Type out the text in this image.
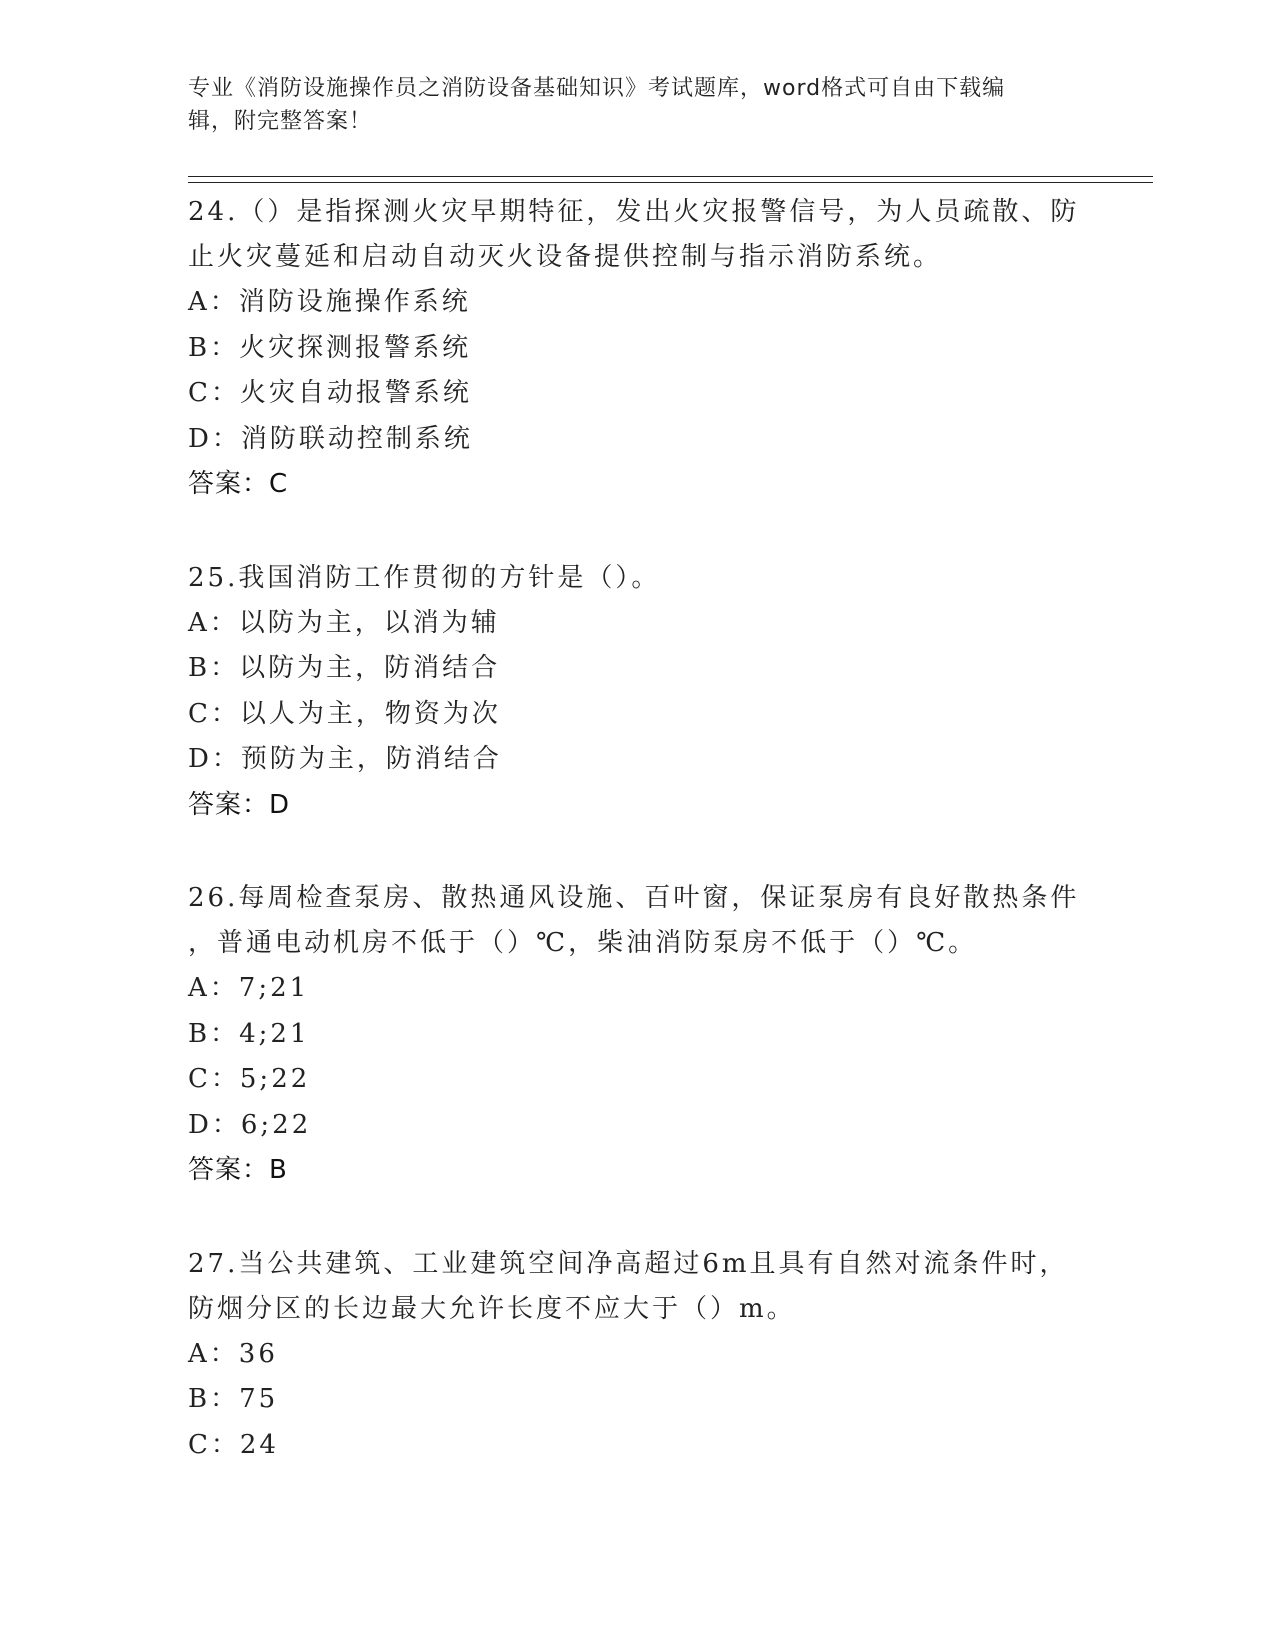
专业《消防设施操作员之消防设备基础知识》考试题库，word格式可自由下载编
辑，附完整答案！

24.（）是指探测火灾早期特征，发出火灾报警信号，为人员疏散、防
止火灾蔓延和启动自动灭火设备提供控制与指示消防系统。

A：消防设施操作系统

B：火灾探测报警系统

C：火灾自动报警系统

D：消防联动控制系统

答案：C

25.我国消防工作贯彻的方针是（）。

A：以防为主，以消为辅

B：以防为主，防消结合

C：以人为主，物资为次

D：预防为主，防消结合

答案：D

26.每周检查泵房、散热通风设施、百叶窗，保证泵房有良好散热条件
，普通电动机房不低于（）℃，柴油消防泵房不低于（）℃。

A：7;21

B：4;21

C：5;22

D：6;22

答案：B

27.当公共建筑、工业建筑空间净高超过6m且具有自然对流条件时，
防烟分区的长边最大允许长度不应大于（）m。

A：36

B：75

C：24
